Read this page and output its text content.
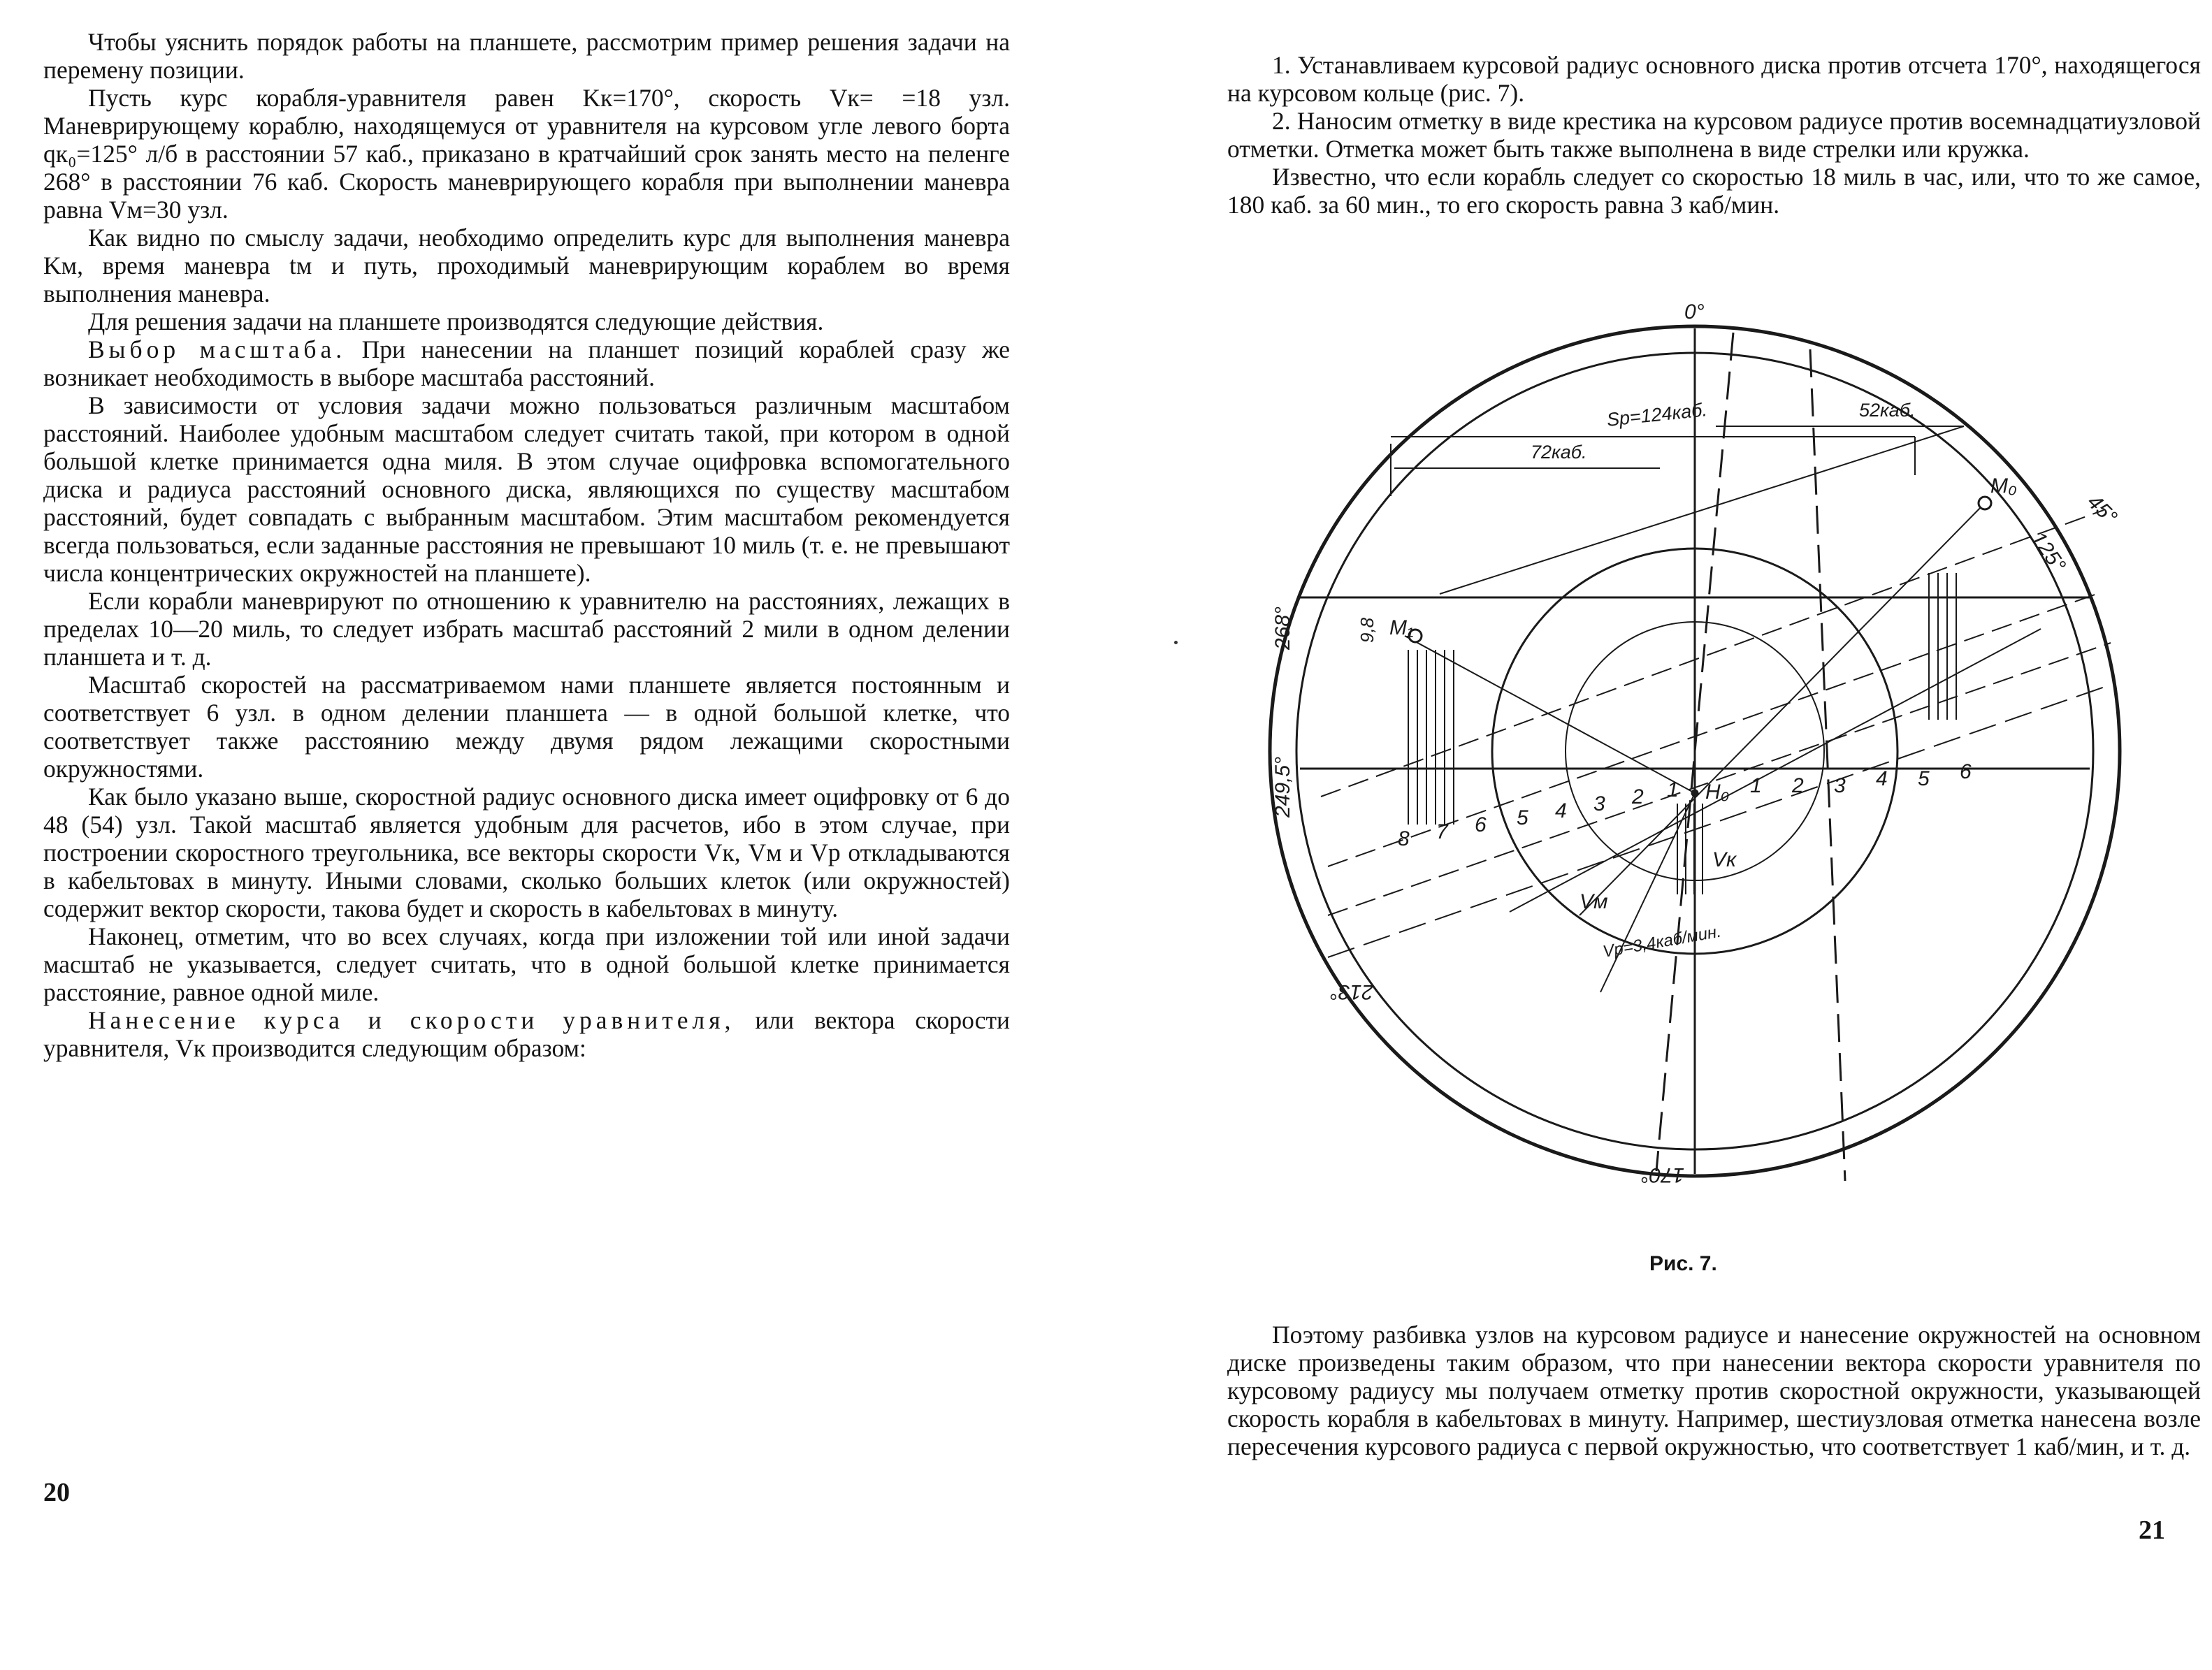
Чтобы уяснить порядок работы на планшете, рассмотрим пример решения задачи на перемену позиции.

Пусть курс корабля-уравнителя равен Kк=170°, скорость Vк= =18 узл. Маневрирующему кораблю, находящемуся от уравнителя на курсовом угле левого борта qк₀=125° л/б в расстоянии 57 каб., приказано в кратчайший срок занять место на пеленге 268° в расстоянии 76 каб. Скорость маневрирующего корабля при выполнении маневра равна Vм=30 узл.

Как видно по смыслу задачи, необходимо определить курс для выполнения маневра Kм, время маневра tм и путь, проходимый маневрирующим кораблем во время выполнения маневра.

Для решения задачи на планшете производятся следующие действия.

Выбор масштаба. При нанесении на планшет позиций кораблей сразу же возникает необходимость в выборе масштаба расстояний.

В зависимости от условия задачи можно пользоваться различным масштабом расстояний. Наиболее удобным масштабом следует считать такой, при котором в одной большой клетке принимается одна миля. В этом случае оцифровка вспомогательного диска и радиуса расстояний основного диска, являющихся по существу масштабом расстояний, будет совпадать с выбранным масштабом. Этим масштабом рекомендуется всегда пользоваться, если заданные расстояния не превышают 10 миль (т. е. не превышают числа концентрических окружностей на планшете).

Если корабли маневрируют по отношению к уравнителю на расстояниях, лежащих в пределах 10—20 миль, то следует избрать масштаб расстояний 2 мили в одном делении планшета и т. д.

Масштаб скоростей на рассматриваемом нами планшете является постоянным и соответствует 6 узл. в одном делении планшета — в одной большой клетке, что соответствует также расстоянию между двумя рядом лежащими скоростными окружностями.

Как было указано выше, скоростной радиус основного диска имеет оцифровку от 6 до 48 (54) узл. Такой масштаб является удобным для расчетов, ибо в этом случае, при построении скоростного треугольника, все векторы скорости Vк, Vм и Vр откладываются в кабельтовах в минуту. Иными словами, сколько больших клеток (или окружностей) содержит вектор скорости, такова будет и скорость в кабельтовах в минуту.

Наконец, отметим, что во всех случаях, когда при изложении той или иной задачи масштаб не указывается, следует считать, что в одной большой клетке принимается расстояние, равное одной миле.

Нанесение курса и скорости уравнителя, или вектора скорости уравнителя, Vк производится следующим образом:

20

1. Устанавливаем курсовой радиус основного диска против отсчета 170°, находящегося на курсовом кольце (рис. 7).

2. Наносим отметку в виде крестика на курсовом радиусе против восемнадцатиузловой отметки. Отметка может быть также выполнена в виде стрелки или кружка.

Известно, что если корабль следует со скоростью 18 миль в час, или, что то же самое, 180 каб. за 60 мин., то его скорость равна 3 каб/мин.

0°
45°
125°
268°
249,5°
213°
170°
Sp=124каб.	52каб.
72каб.
M₁
M₀
H₀
Vм
Vк
Vp=3,4каб/мин.
9,8
1 2 3 4 5 6
8 7 6 5 4 3 2 1
Рис. 7.

Поэтому разбивка узлов на курсовом радиусе и нанесение окружностей на основном диске произведены таким образом, что при нанесении вектора скорости уравнителя по курсовому радиусу мы получаем отметку против скоростной окружности, указывающей скорость корабля в кабельтовах в минуту. Например, шестиузловая отметка нанесена возле пересечения курсового радиуса с первой окружностью, что соответствует 1 каб/мин, и т. д.

21
